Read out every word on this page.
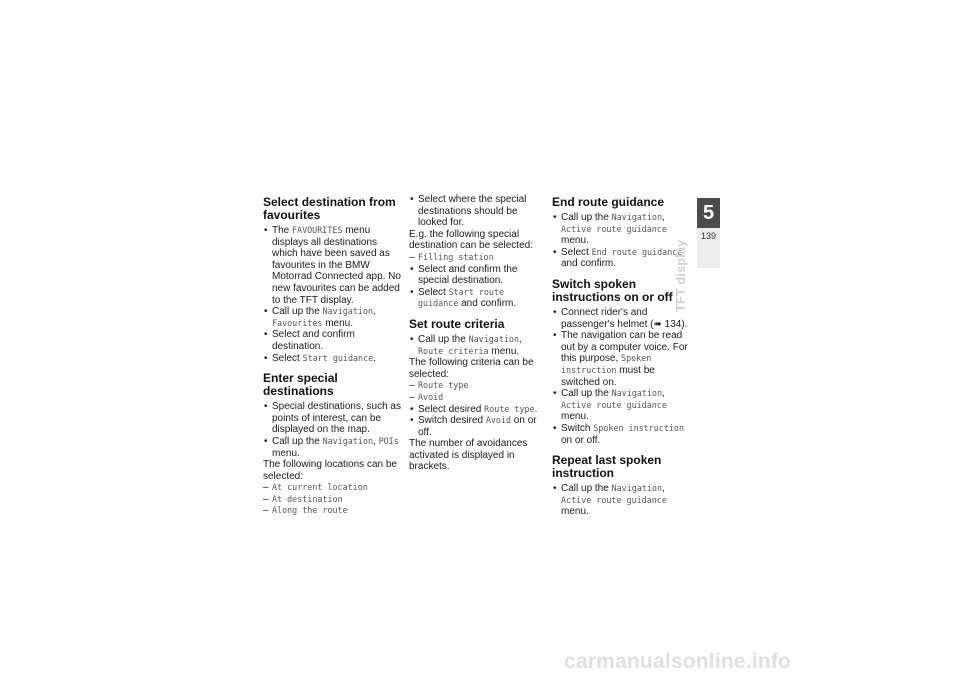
Select destination from
favourites
• The FAVOURITES menu displays all destinations which have been saved as favourites in the BMW Motorrad Connected app. No new favourites can be added to the TFT display.
• Call up the Navigation, Favourites menu.
• Select and confirm destination.
• Select Start guidance.
Enter special destinations
• Special destinations, such as points of interest, can be displayed on the map.
• Call up the Navigation, POIs menu.

The following locations can be selected:

– At current location
– At destination
– Along the route
• Select where the special destinations should be looked for.

E.g. the following special destination can be selected:

– Filling station
• Select and confirm the special destination.
• Select Start route guidance and confirm.
Set route criteria
• Call up the Navigation, Route criteria menu.

The following criteria can be selected:

– Route type
– Avoid
• Select desired Route type.
• Switch desired Avoid on or off.

The number of avoidances activated is displayed in brackets.

End route guidance
• Call up the Navigation, Active route guidance menu.
• Select End route guidance and confirm.
Switch spoken
instructions on or off
• Connect rider's and passenger's helmet (➠ 134).
• The navigation can be read out by a computer voice. For this purpose, Spoken instruction must be switched on.
• Call up the Navigation, Active route guidance menu.
• Switch Spoken instruction on or off.
Repeat last spoken
instruction
• Call up the Navigation, Active route guidance menu.
5
139
TFT display
carmanualsonline.info
